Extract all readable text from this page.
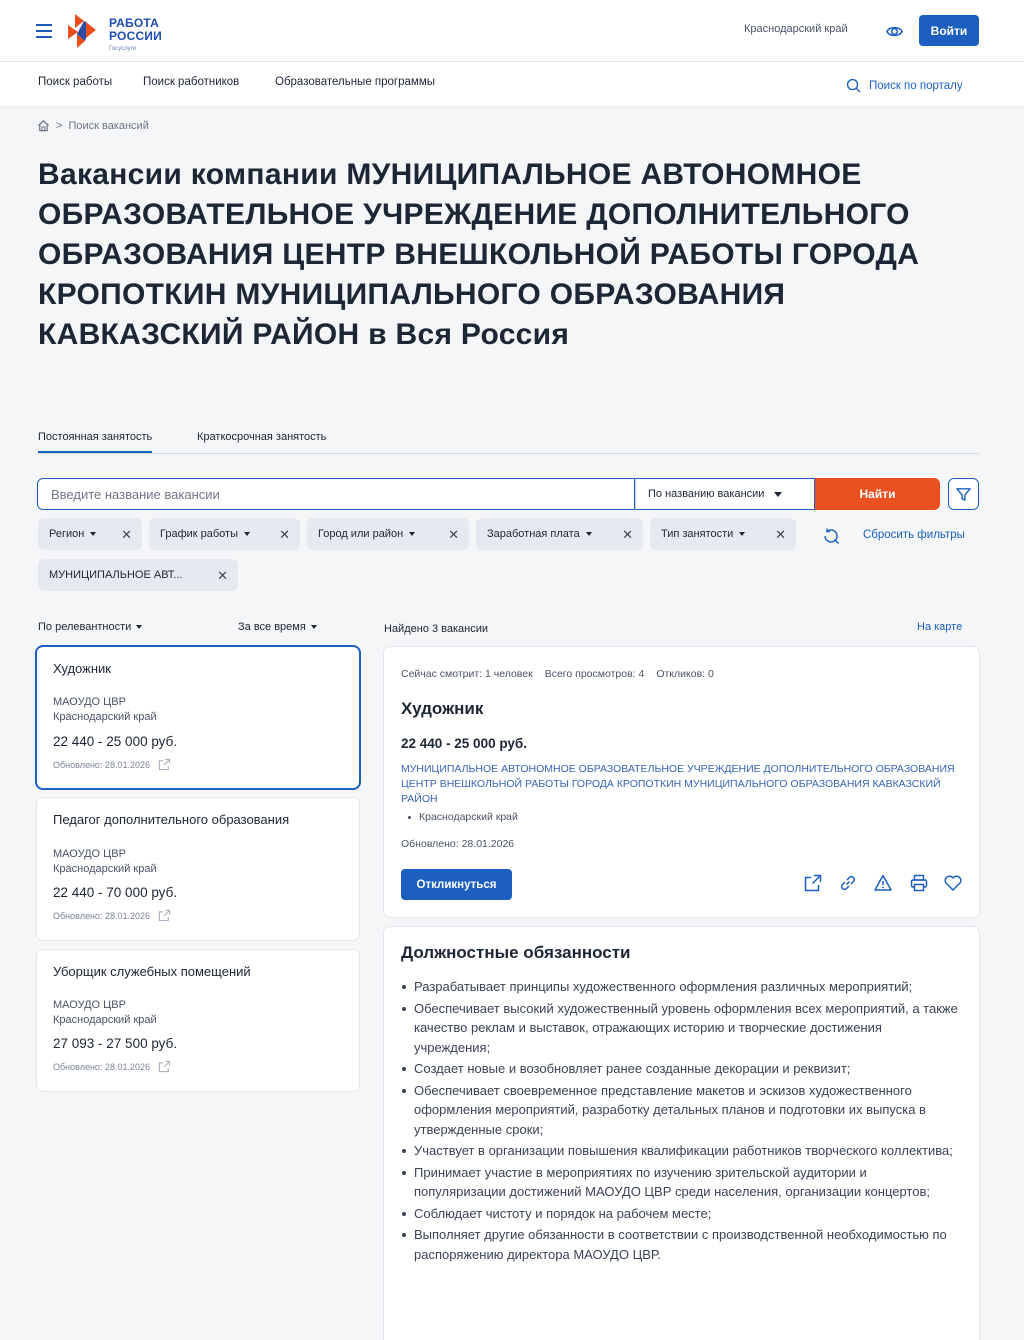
РАБОТА
РОССИИ
Госуслуги
Краснодарский край	Войти
Поиск работы	Поиск работников	Образовательные программы	Поиск по порталу
> Поиск вакансий
Вакансии компании МУНИЦИПАЛЬНОЕ АВТОНОМНОЕ ОБРАЗОВАТЕЛЬНОЕ УЧРЕЖДЕНИЕ ДОПОЛНИТЕЛЬНОГО ОБРАЗОВАНИЯ ЦЕНТР ВНЕШКОЛЬНОЙ РАБОТЫ ГОРОДА КРОПОТКИН МУНИЦИПАЛЬНОГО ОБРАЗОВАНИЯ КАВКАЗСКИЙ РАЙОН в Вся Россия
Постоянная занятость	Краткосрочная занятость
Введите название вакансии
По названию вакансии	Найти
Регион	✕	График работы	✕	Город или район	✕	Заработная плата	✕	Тип занятости	✕	Сбросить фильтры
МУНИЦИПАЛЬНОЕ АВТ...	✕
По релевантности	За все время	Найдено 3 вакансии	На карте
Художник
МАОУДО ЦВР
Краснодарский край
22 440 - 25 000 руб.
Обновлено: 28.01.2026
Педагог дополнительного образования
МАОУДО ЦВР
Краснодарский край
22 440 - 70 000 руб.
Обновлено: 28.01.2026
Уборщик служебных помещений
МАОУДО ЦВР
Краснодарский край
27 093 - 27 500 руб.
Обновлено: 28.01.2026
Сейчас смотрит: 1 человек Всего просмотров: 4 Откликов: 0
Художник
22 440 - 25 000 руб.
МУНИЦИПАЛЬНОЕ АВТОНОМНОЕ ОБРАЗОВАТЕЛЬНОЕ УЧРЕЖДЕНИЕ ДОПОЛНИТЕЛЬНОГО ОБРАЗОВАНИЯ ЦЕНТР ВНЕШКОЛЬНОЙ РАБОТЫ ГОРОДА КРОПОТКИН МУНИЦИПАЛЬНОГО ОБРАЗОВАНИЯ КАВКАЗСКИЙ РАЙОН
Краснодарский край
Обновлено: 28.01.2026
Откликнуться
Должностные обязанности
Разрабатывает принципы художественного оформления различных мероприятий;
Обеспечивает высокий художественный уровень оформления всех мероприятий, а также качество реклам и выставок, отражающих историю и творческие достижения учреждения;
Создает новые и возобновляет ранее созданные декорации и реквизит;
Обеспечивает своевременное представление макетов и эскизов художественного оформления мероприятий, разработку детальных планов и подготовки их выпуска в утвержденные сроки;
Участвует в организации повышения квалификации работников творческого коллектива;
Принимает участие в мероприятиях по изучению зрительской аудитории и популяризации достижений МАОУДО ЦВР среди населения, организации концертов;
Соблюдает чистоту и порядок на рабочем месте;
Выполняет другие обязанности в соответствии с производственной необходимостью по распоряжению директора МАОУДО ЦВР.
